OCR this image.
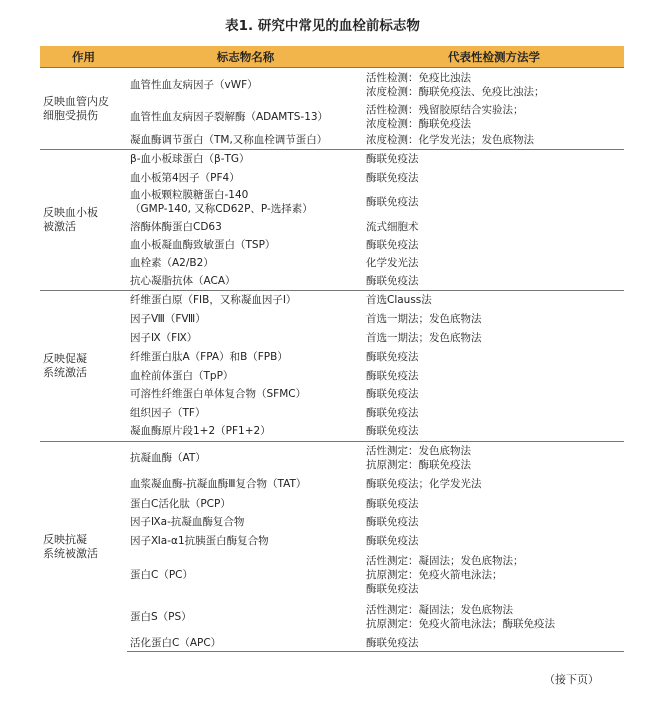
表1. 研究中常见的血栓前标志物
作用	标志物名称	代表性检测方法学

反映血管内皮
细胞受损伤	血管性血友病因子（vWF）	活性检测：免疫比浊法
浓度检测：酶联免疫法、免疫比浊法；

	血管性血友病因子裂解酶（ADAMTS-13）	活性检测：残留胶原结合实验法；
浓度检测：酶联免疫法

	凝血酶调节蛋白（TM,又称血栓调节蛋白）	浓度检测：化学发光法；发色底物法

反映血小板
被激活	β-血小板球蛋白（β-TG）	酶联免疫法

	血小板第4因子（PF4）	酶联免疫法

	血小板颗粒膜糖蛋白-140
（GMP-140, 又称CD62P、P-选择素）	酶联免疫法

	溶酶体酶蛋白CD63	流式细胞术

	血小板凝血酶致敏蛋白（TSP）	酶联免疫法

	血栓素（A2/B2）	化学发光法

	抗心凝脂抗体（ACA）	酶联免疫法

反映促凝
系统激活	纤维蛋白原（FIB，又称凝血因子Ⅰ）	首选Clauss法

	因子Ⅷ（FⅧ）	首选一期法；发色底物法

	因子Ⅸ（FⅨ）	首选一期法；发色底物法

	纤维蛋白肽A（FPA）和B（FPB）	酶联免疫法

	血栓前体蛋白（TpP）	酶联免疫法

	可溶性纤维蛋白单体复合物（SFMC）	酶联免疫法

	组织因子（TF）	酶联免疫法

	凝血酶原片段1+2（PF1+2）	酶联免疫法

反映抗凝
系统被激活	抗凝血酶（AT）	活性测定：发色底物法
抗原测定：酶联免疫法

	血浆凝血酶-抗凝血酶Ⅲ复合物（TAT）	酶联免疫法；化学发光法

	蛋白C活化肽（PCP）	酶联免疫法

	因子Ⅸa-抗凝血酶复合物	酶联免疫法

	因子Ⅺa-α1抗胰蛋白酶复合物	酶联免疫法

	蛋白C（PC）	活性测定：凝固法；发色底物法；
抗原测定：免疫火箭电泳法；
酶联免疫法

	蛋白S（PS）	活性测定：凝固法；发色底物法
抗原测定：免疫火箭电泳法；酶联免疫法

	活化蛋白C（APC）	酶联免疫法
（接下页）
